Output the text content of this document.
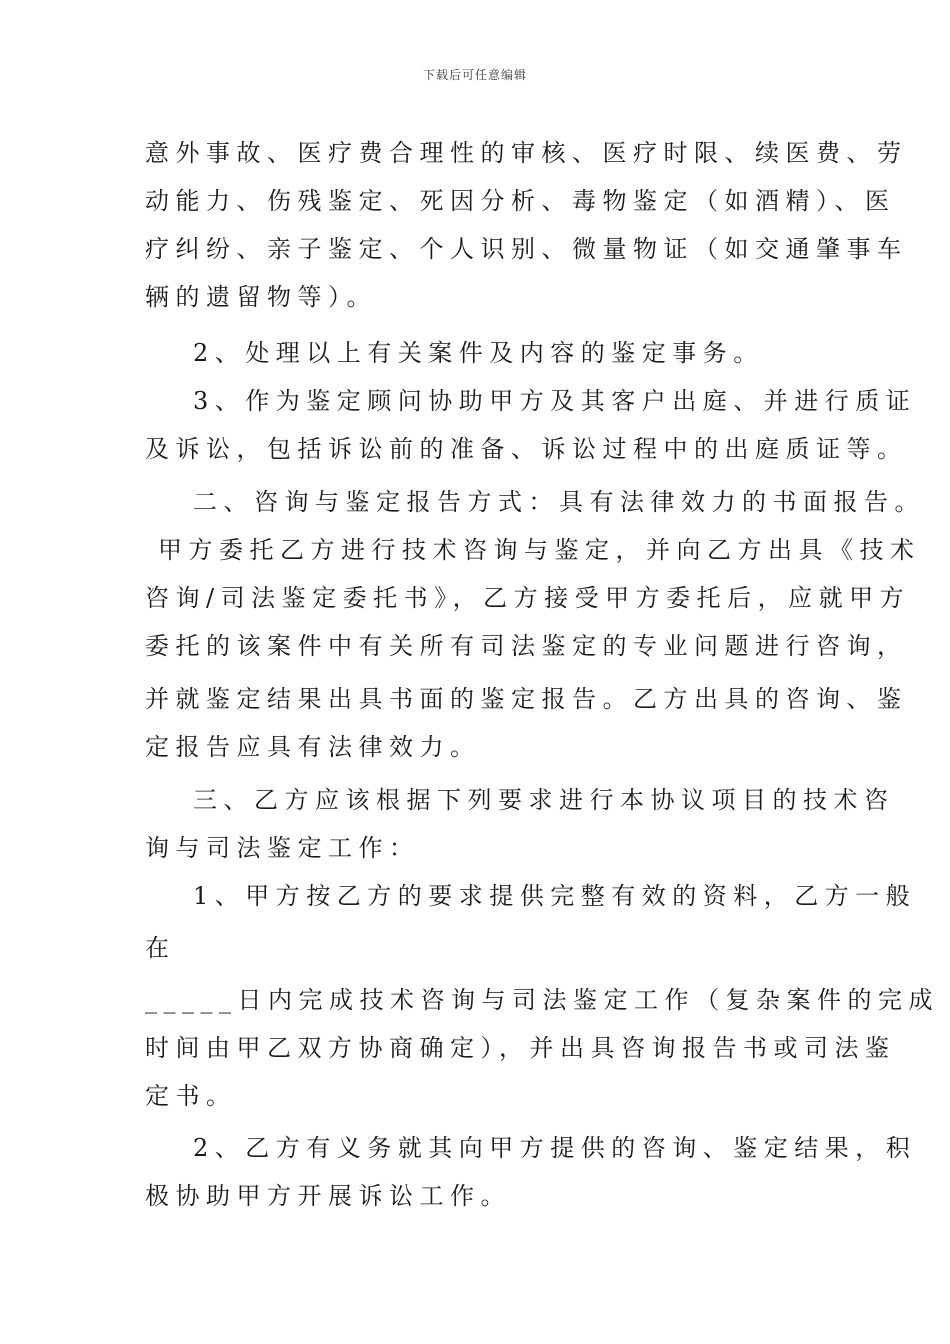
下载后可任意编辑
意外事故、医疗费合理性的审核、医疗时限、续医费、劳
动能力、伤残鉴定、死因分析、毒物鉴定（如酒精）、医
疗纠纷、亲子鉴定、个人识别、微量物证（如交通肇事车
辆的遗留物等）。
2、处理以上有关案件及内容的鉴定事务。
3、作为鉴定顾问协助甲方及其客户出庭、并进行质证
及诉讼，包括诉讼前的准备、诉讼过程中的出庭质证等。
二、咨询与鉴定报告方式：具有法律效力的书面报告。
甲方委托乙方进行技术咨询与鉴定，并向乙方出具《技术
咨询/司法鉴定委托书》，乙方接受甲方委托后，应就甲方
委托的该案件中有关所有司法鉴定的专业问题进行咨询，
并就鉴定结果出具书面的鉴定报告。乙方出具的咨询、鉴
定报告应具有法律效力。
三、乙方应该根据下列要求进行本协议项目的技术咨
询与司法鉴定工作：
1、甲方按乙方的要求提供完整有效的资料，乙方一般
在
_____日内完成技术咨询与司法鉴定工作（复杂案件的完成
时间由甲乙双方协商确定），并出具咨询报告书或司法鉴
定书。
2、乙方有义务就其向甲方提供的咨询、鉴定结果，积
极协助甲方开展诉讼工作。
